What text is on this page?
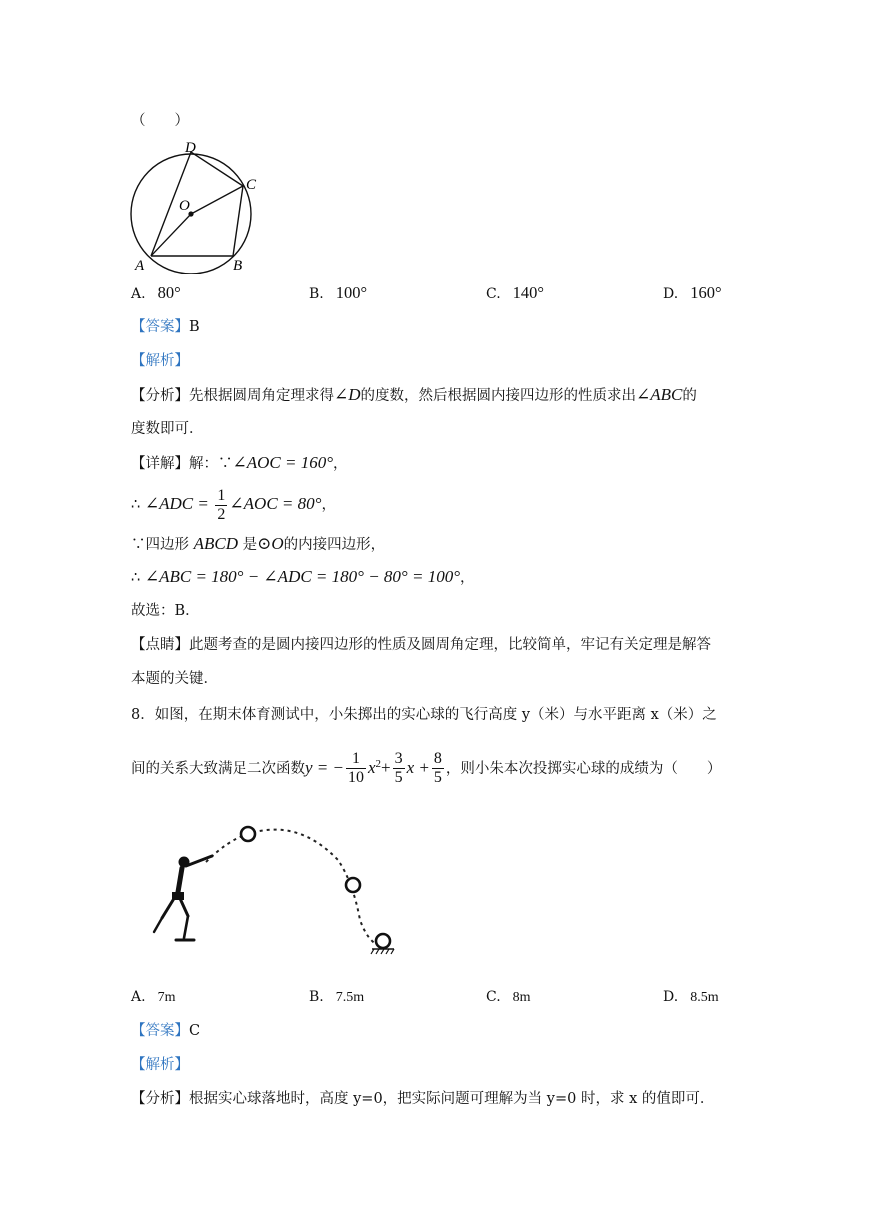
（　　）
D
C
O
A	B
A. 80°	B. 100°	C. 140°	D. 160°
【答案】B
【解析】
【分析】先根据圆周角定理求得∠D的度数，然后根据圆内接四边形的性质求出∠ABC的
度数即可．
【详解】解：∵∠AOC = 160°，
∴ ∠ADC = $\frac{1}{2}$ ∠AOC = 80°，
∵四边形 ABCD 是⊙O的内接四边形，
∴ ∠ABC = 180° − ∠ADC = 180° − 80° = 100°，
故选：B．
【点睛】此题考查的是圆内接四边形的性质及圆周角定理，比较简单，牢记有关定理是解答
本题的关键．
8．如图，在期末体育测试中，小朱掷出的实心球的飞行高度 y（米）与水平距离 x（米）之
间的关系大致满足二次函数y = − $\frac{1}{10} x^2+ \frac{3}{5}$ $x + \frac{8}{5}$ ，则小朱本次投掷实心球的成绩为（　　）
A. 7m	B. 7.5m	C. 8m	D. 8.5m
【答案】C
【解析】
【分析】根据实心球落地时，高度 y=0，把实际问题可理解为当 y=0 时，求 x 的值即可．
